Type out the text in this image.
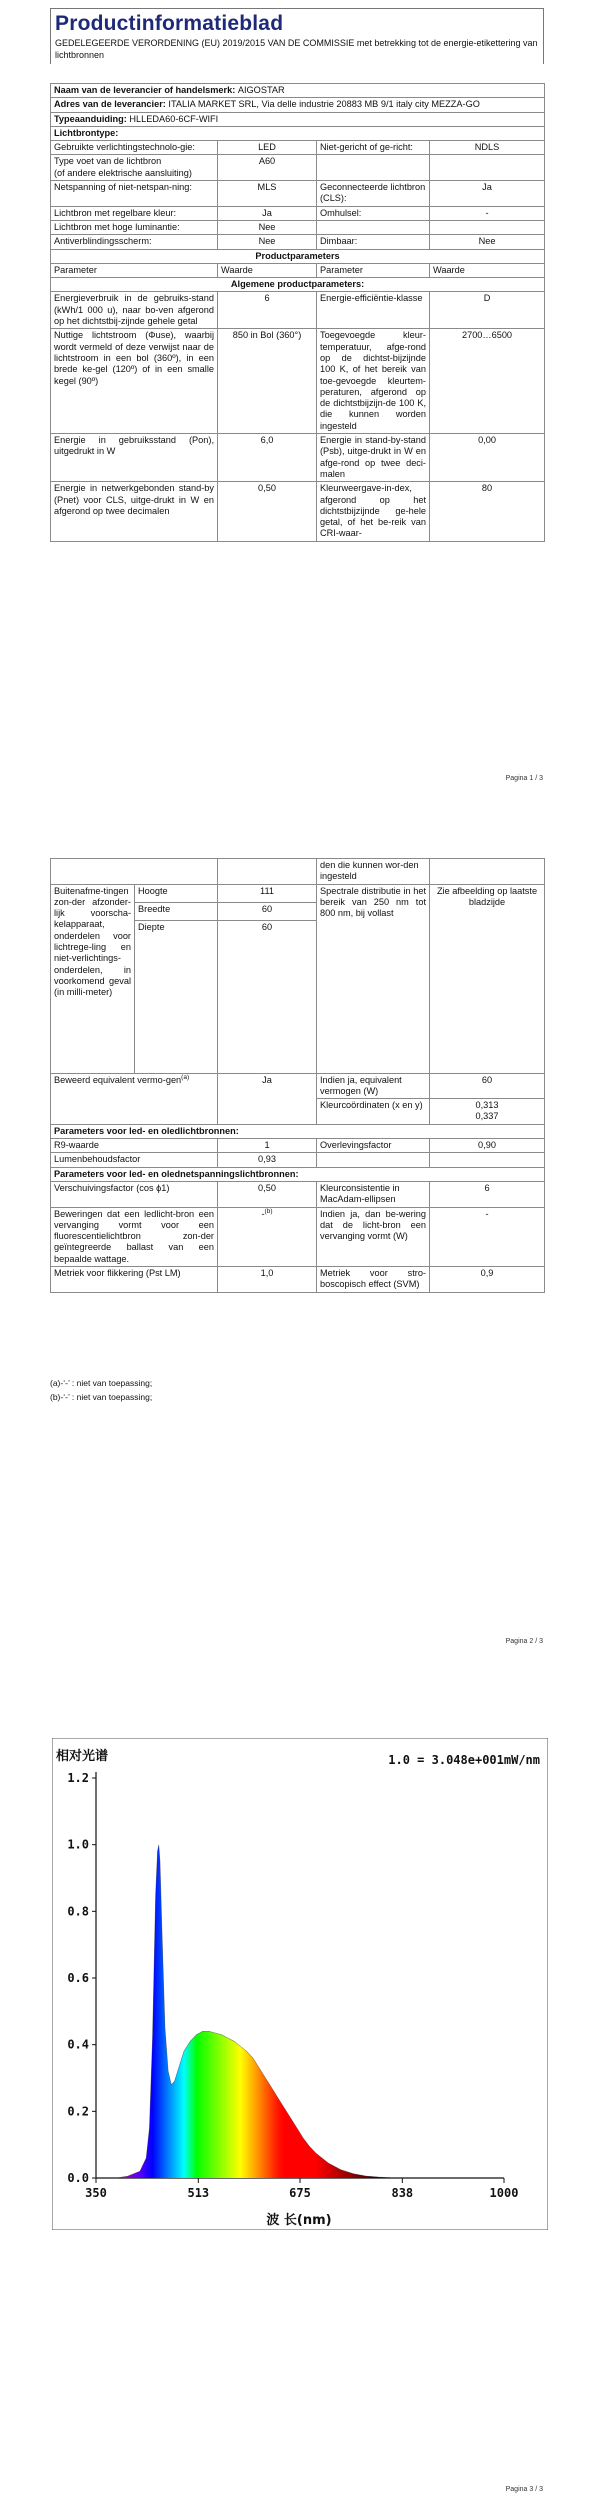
Productinformatieblad
GEDELEGEERDE VERORDENING (EU) 2019/2015 VAN DE COMMISSIE met betrekking tot de energie-etikettering van lichtbronnen
Naam van de leverancier of handelsmerk: AIGOSTAR			
Adres van de leverancier: ITALIA MARKET SRL, Via delle industrie 20883 MB 9/1 italy city MEZZA-GO			
Typeaanduiding: HLLEDA60-6CF-WIFI			
Lichtbrontype:			
Gebruikte verlichtingstechnolo-gie:	LED	Niet-gericht of ge-richt:	NDLS
Type voet van de lichtbron
(of andere elektrische aansluiting)	A60		
Netspanning of niet-netspan-ning:	MLS	Geconnecteerde lichtbron (CLS):	Ja
Lichtbron met regelbare kleur:	Ja	Omhulsel:	-
Lichtbron met hoge luminantie:	Nee		
Antiverblindingsscherm:	Nee	Dimbaar:	Nee
Productparameters			
Parameter	Waarde	Parameter	Waarde
Algemene productparameters:			
Energieverbruik in de gebruiks-stand (kWh/1 000 u), naar bo-ven afgerond op het dichtstbij-zijnde gehele getal	6	Energie-efficiëntie-klasse	D
Nuttige lichtstroom (Φuse), waarbij wordt vermeld of deze verwijst naar de lichtstroom in een bol (360º), in een brede ke-gel (120º) of in een smalle kegel (90º)	850 in Bol (360°)	Toegevoegde kleur-temperatuur, afge-rond op de dichtst-bijzijnde 100 K, of het bereik van toe-gevoegde kleurtem-peraturen, afgerond op de dichtstbijzijn-de 100 K, die kunnen worden ingesteld	2700…6500
Energie in gebruiksstand (Pon), uitgedrukt in W	6,0	Energie in stand-by-stand (Psb), uitge-drukt in W en afge-rond op twee deci-malen	0,00
Energie in netwerkgebonden stand-by (Pnet) voor CLS, uitge-drukt in W en afgerond op twee decimalen	0,50	Kleurweergave-in-dex, afgerond op het dichtstbijzijnde ge-hele getal, of het be-reik van CRI-waar-	80
Pagina 1 / 3
			den die kunnen wor-den ingesteld	
Buitenafme-tingen zon-der afzonder-lijk voorscha-kelapparaat, onderdelen voor lichtrege-ling en niet-verlichtings-onderdelen, in voorkomend geval (in milli-meter)	Hoogte	111	Spectrale distributie in het bereik van 250 nm tot 800 nm, bij vollast	Zie afbeelding op laatste bladzijde
	Breedte	60		
	Diepte	60		
Beweerd equivalent vermo-gen$^{(a)}$		Ja	Indien ja, equivalent vermogen (W)	60
			Kleurcoördinaten (x en y)	0,313
0,337
Parameters voor led- en oledlichtbronnen:				
R9-waarde		1	Overlevingsfactor	0,90
Lumenbehoudsfactor		0,93		
Parameters voor led- en olednetspanningslichtbronnen:				
Verschuivingsfactor (cos ϕ1)		0,50	Kleurconsistentie in MacAdam-ellipsen	6
Beweringen dat een ledlicht-bron een vervanging vormt voor een fluorescentielichtbron zon-der geïntegreerde ballast van een bepaalde wattage.		-$^{(b)}$	Indien ja, dan be-wering dat de licht-bron een vervanging vormt (W)	-
Metriek voor flikkering (Pst LM)		1,0	Metriek voor stro-boscopisch effect (SVM)	0,9
(a)-‘-’ : niet van toepassing;
(b)-‘-’ : niet van toepassing;
Pagina 2 / 3
相对光谱	1.0 = 3.048e+001mW/nm
0.0
0.2
0.4
0.6
0.8
1.0
1.2
350	513	675	838	1000
波 长(nm)
Pagina 3 / 3
